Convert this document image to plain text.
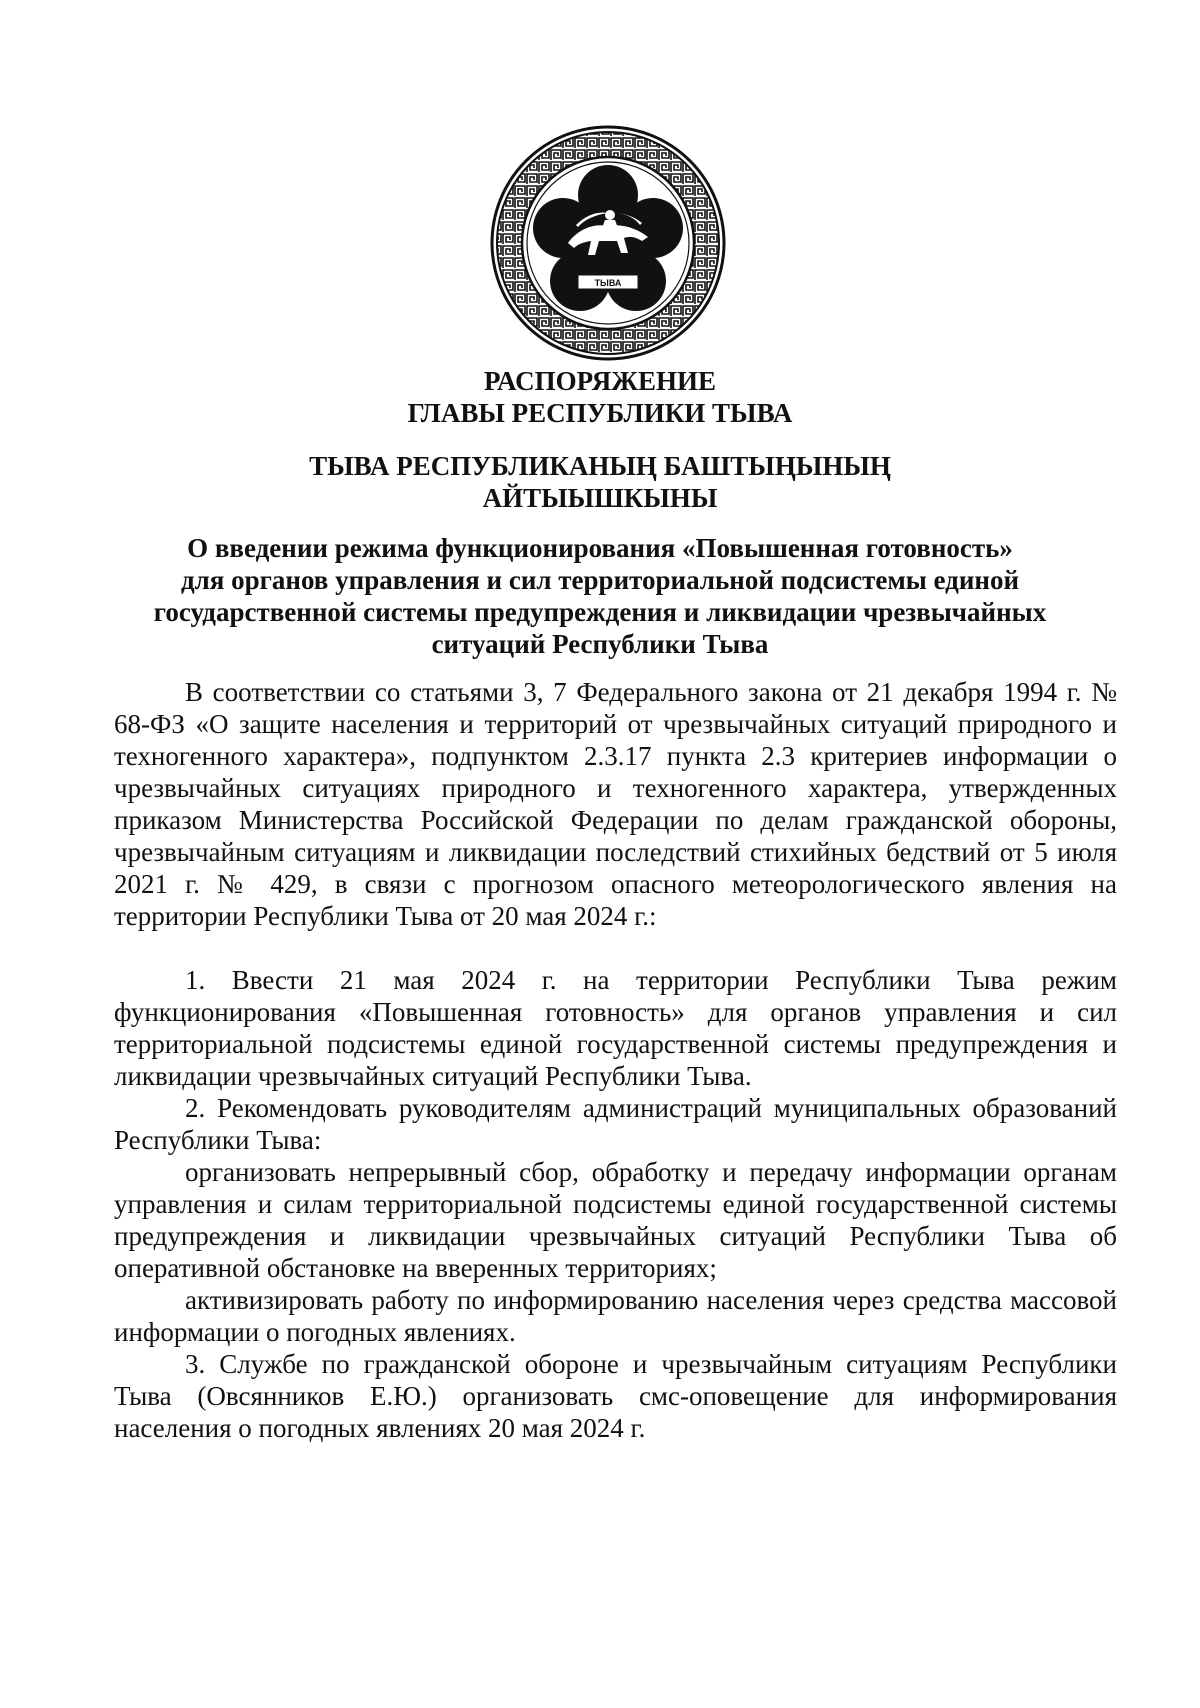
ТЫВА
РАСПОРЯЖЕНИЕ
ГЛАВЫ РЕСПУБЛИКИ ТЫВА
ТЫВА РЕСПУБЛИКАНЫҢ БАШТЫҢЫНЫҢ
АЙТЫЫШКЫНЫ
О введении режима функционирования «Повышенная готовность»
для органов управления и сил территориальной подсистемы единой
государственной системы предупреждения и ликвидации чрезвычайных
ситуаций Республики Тыва

В соответствии со статьями 3, 7 Федерального закона от 21 декабря 1994 г. № 68-ФЗ «О защите населения и территорий от чрезвычайных ситуаций природного и техногенного характера», подпунктом 2.3.17 пункта 2.3 критериев информации о чрезвычайных ситуациях природного и техногенного характера, утвержденных приказом Министерства Российской Федерации по делам гражданской обороны, чрезвычайным ситуациям и ликвидации последствий стихийных бедствий от 5 июля 2021 г. № 429, в связи с прогнозом опасного метеорологического явления на территории Республики Тыва от 20 мая 2024 г.:

1. Ввести 21 мая 2024 г. на территории Республики Тыва режим функционирования «Повышенная готовность» для органов управления и сил территориальной подсистемы единой государственной системы предупреждения и ликвидации чрезвычайных ситуаций Республики Тыва.

2. Рекомендовать руководителям администраций муниципальных образований Республики Тыва:

организовать непрерывный сбор, обработку и передачу информации органам управления и силам территориальной подсистемы единой государственной системы предупреждения и ликвидации чрезвычайных ситуаций Республики Тыва об оперативной обстановке на вверенных территориях;

активизировать работу по информированию населения через средства массовой информации о погодных явлениях.

3. Службе по гражданской обороне и чрезвычайным ситуациям Республики Тыва (Овсянников Е.Ю.) организовать смс-оповещение для информирования населения о погодных явлениях 20 мая 2024 г.
